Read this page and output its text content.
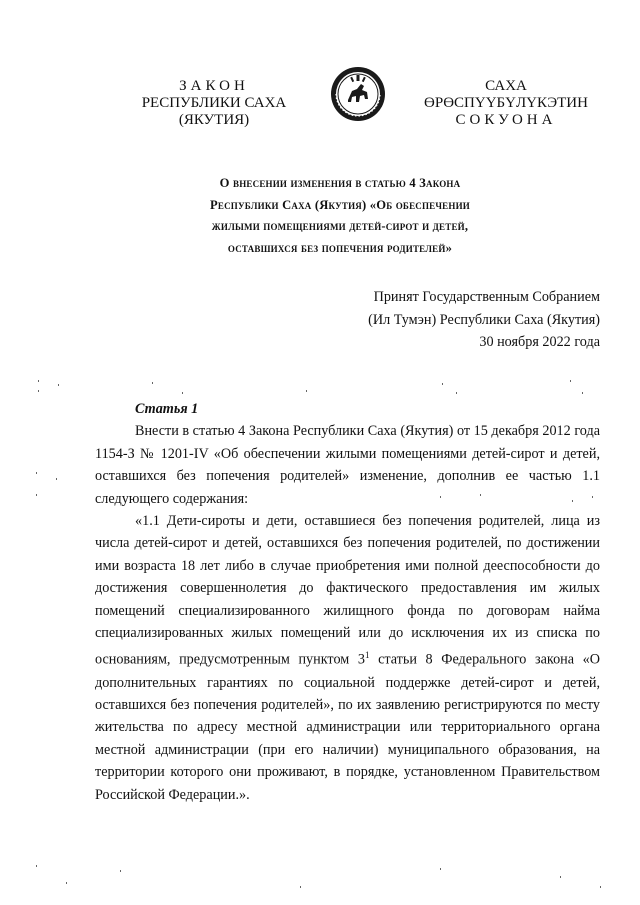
ЗАКОН
РЕСПУБЛИКИ САХА (ЯКУТИЯ)
САХА ӨРӨСПҮҮБҮЛҮКЭТИН
СОКУОНА
О внесении изменения в статью 4 Закона
Республики Саха (Якутия) «Об обеспечении
жилыми помещениями детей-сирот и детей,
оставшихся без попечения родителей»
Принят Государственным Собранием
(Ил Тумэн) Республики Саха (Якутия)
30 ноября 2022 года
Статья 1

Внести в статью 4 Закона Республики Саха (Якутия) от 15 декабря 2012 года 1154-З № 1201-IV «Об обеспечении жилыми помещениями детей-сирот и детей, оставшихся без попечения родителей» изменение, дополнив ее частью 1.1 следующего содержания:

«1.1 Дети-сироты и дети, оставшиеся без попечения родителей, лица из числа детей-сирот и детей, оставшихся без попечения родителей, по достижении ими возраста 18 лет либо в случае приобретения ими полной дееспособности до достижения совершеннолетия до фактического предоставления им жилых помещений специализированного жилищного фонда по договорам найма специализированных жилых помещений или до исключения их из списка по основаниям, предусмотренным пунктом $3^1$ статьи 8 Федерального закона «О дополнительных гарантиях по социальной поддержке детей-сирот и детей, оставшихся без попечения родителей», по их заявлению регистрируются по месту жительства по адресу местной администрации или территориального органа местной администрации (при его наличии) муниципального образования, на территории которого они проживают, в порядке, установленном Правительством Российской Федерации.».
